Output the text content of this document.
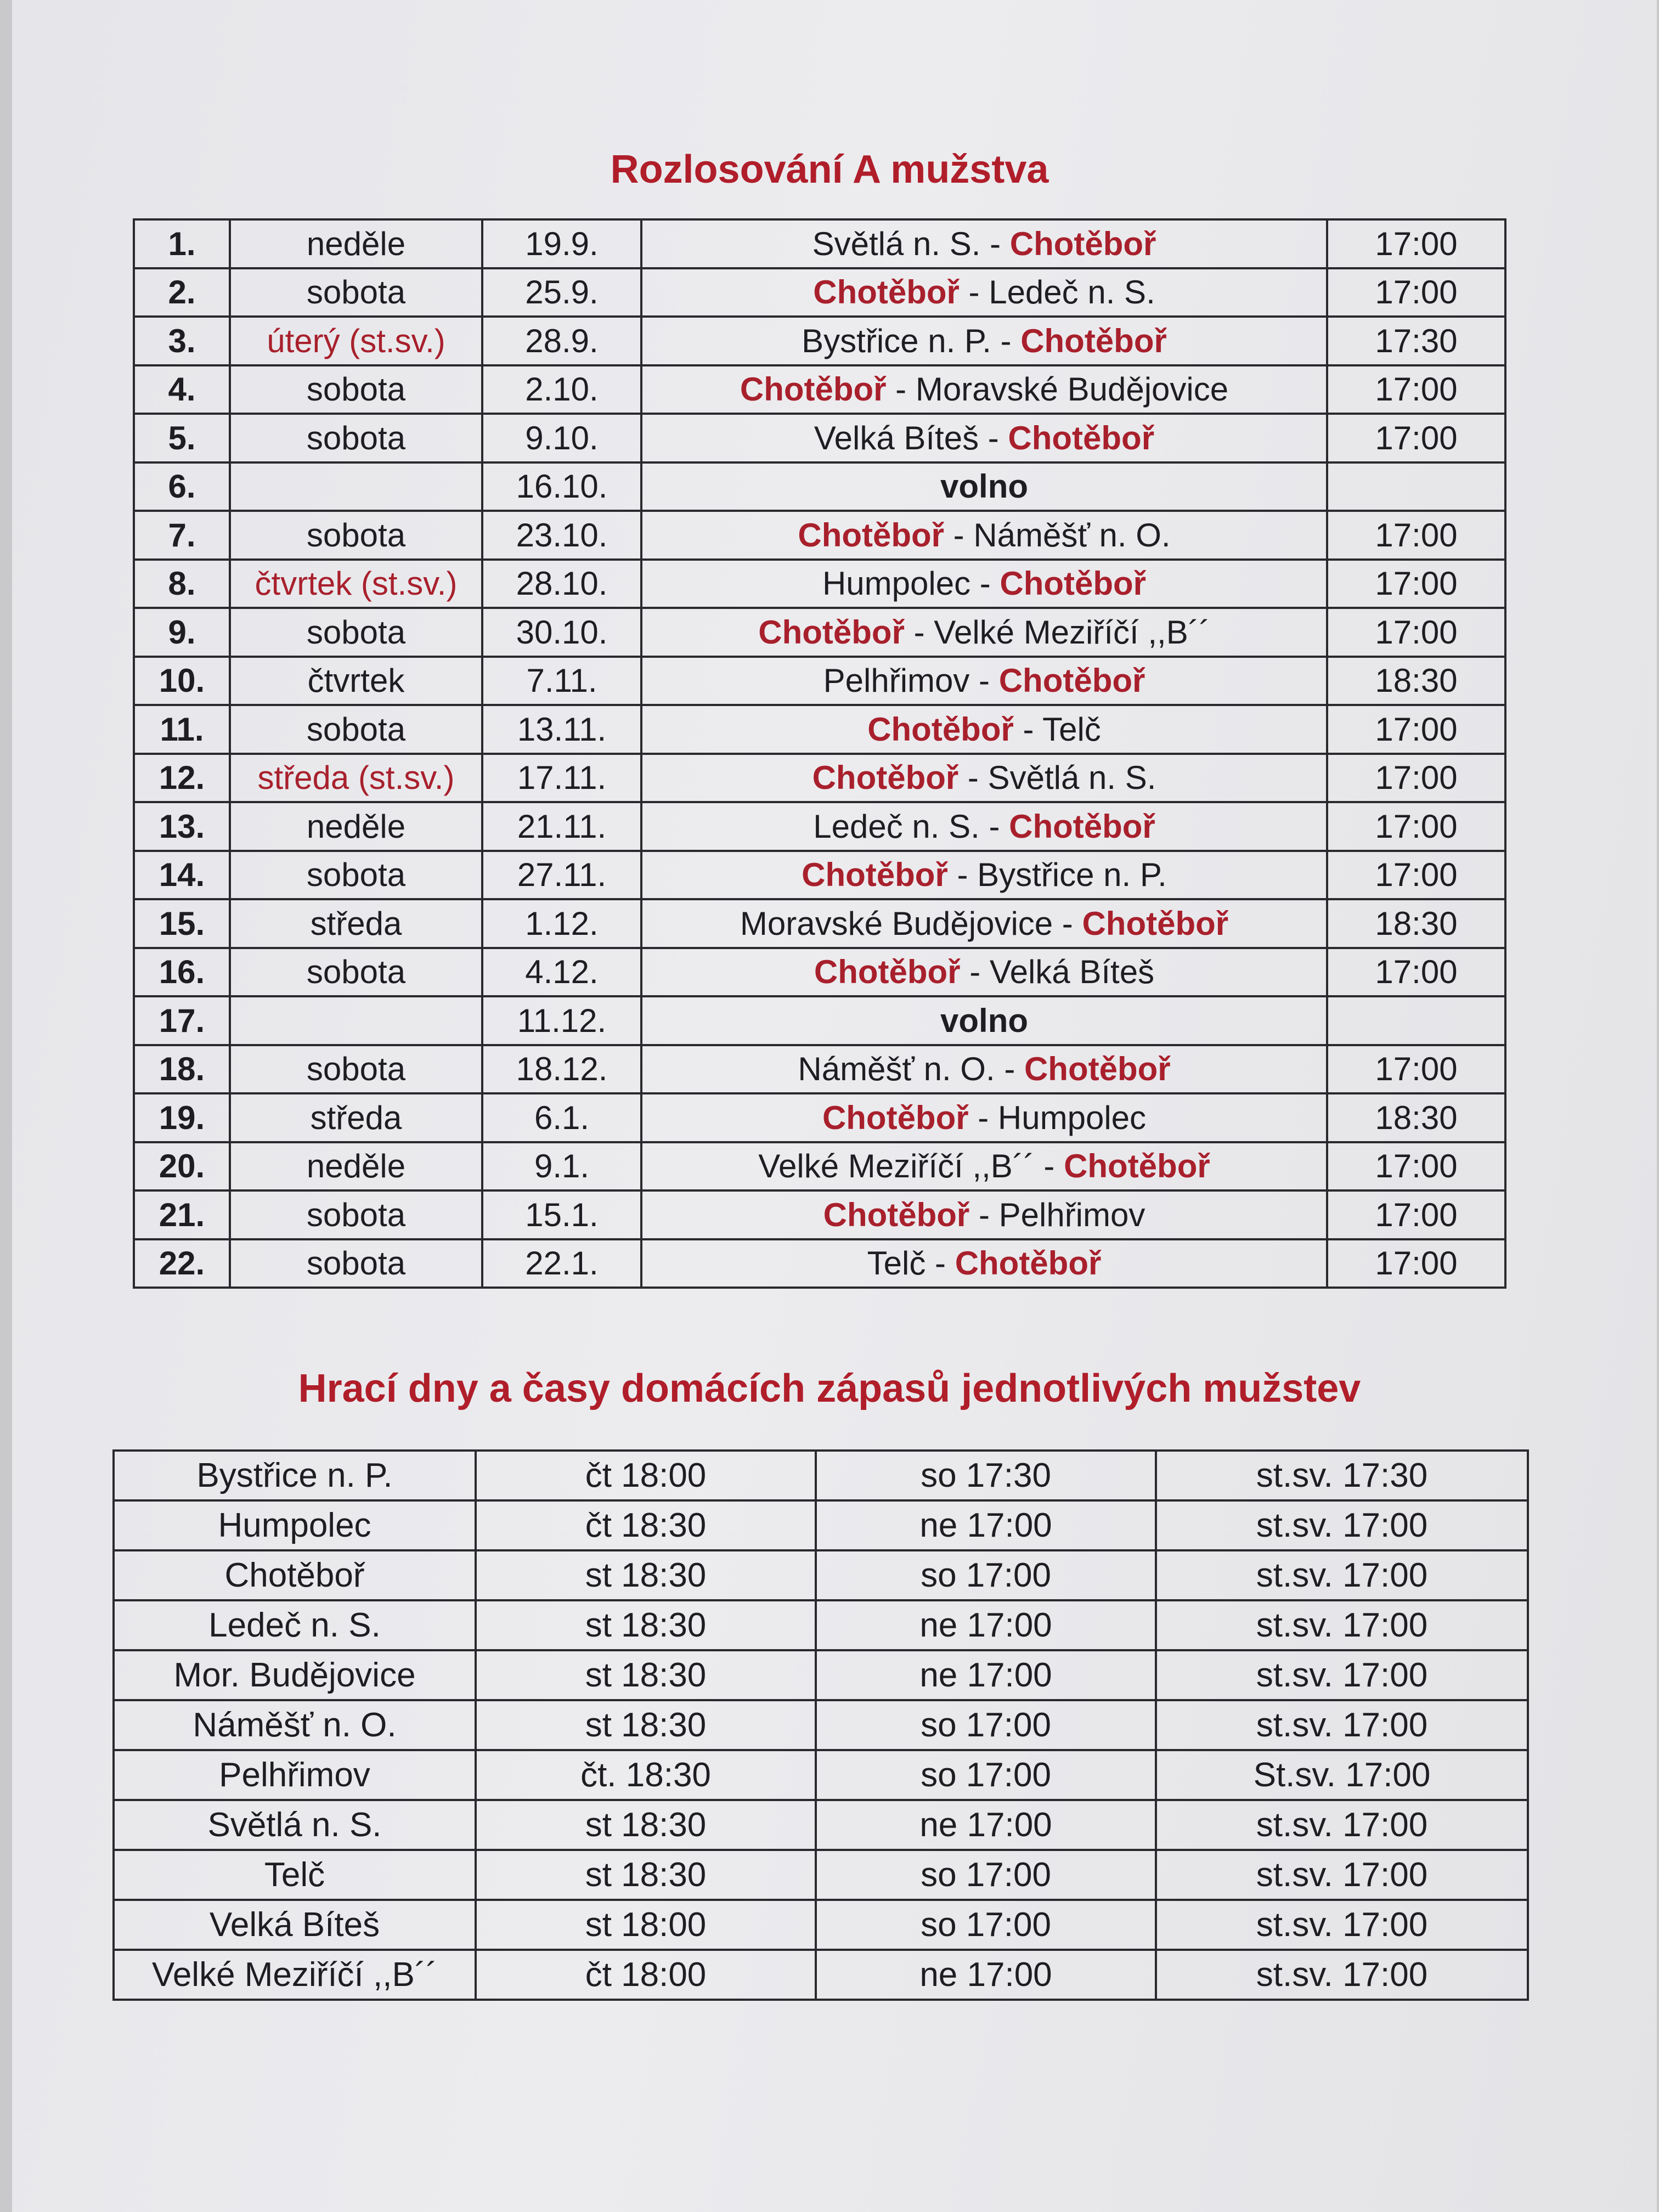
Rozlosování A mužstva
1.	neděle	19.9.	Světlá n. S. - Chotěboř	17:00
2.	sobota	25.9.	Chotěboř - Ledeč n. S.	17:00
3.	úterý (st.sv.)	28.9.	Bystřice n. P. - Chotěboř	17:30
4.	sobota	2.10.	Chotěboř - Moravské Budějovice	17:00
5.	sobota	9.10.	Velká Bíteš - Chotěboř	17:00
6.		16.10.	volno	
7.	sobota	23.10.	Chotěboř - Náměšť n. O.	17:00
8.	čtvrtek (st.sv.)	28.10.	Humpolec - Chotěboř	17:00
9.	sobota	30.10.	Chotěboř - Velké Meziříčí ,,B´´	17:00
10.	čtvrtek	7.11.	Pelhřimov - Chotěboř	18:30
11.	sobota	13.11.	Chotěboř - Telč	17:00
12.	středa (st.sv.)	17.11.	Chotěboř - Světlá n. S.	17:00
13.	neděle	21.11.	Ledeč n. S. - Chotěboř	17:00
14.	sobota	27.11.	Chotěboř - Bystřice n. P.	17:00
15.	středa	1.12.	Moravské Budějovice - Chotěboř	18:30
16.	sobota	4.12.	Chotěboř - Velká Bíteš	17:00
17.		11.12.	volno	
18.	sobota	18.12.	Náměšť n. O. - Chotěboř	17:00
19.	středa	6.1.	Chotěboř - Humpolec	18:30
20.	neděle	9.1.	Velké Meziříčí ,,B´´ - Chotěboř	17:00
21.	sobota	15.1.	Chotěboř - Pelhřimov	17:00
22.	sobota	22.1.	Telč - Chotěboř	17:00
Hrací dny a časy domácích zápasů jednotlivých mužstev
Bystřice n. P.	čt 18:00	so 17:30	st.sv. 17:30
Humpolec	čt 18:30	ne 17:00	st.sv. 17:00
Chotěboř	st 18:30	so 17:00	st.sv. 17:00
Ledeč n. S.	st 18:30	ne 17:00	st.sv. 17:00
Mor. Budějovice	st 18:30	ne 17:00	st.sv. 17:00
Náměšť n. O.	st 18:30	so 17:00	st.sv. 17:00
Pelhřimov	čt. 18:30	so 17:00	St.sv. 17:00
Světlá n. S.	st 18:30	ne 17:00	st.sv. 17:00
Telč	st 18:30	so 17:00	st.sv. 17:00
Velká Bíteš	st 18:00	so 17:00	st.sv. 17:00
Velké Meziříčí ,,B´´	čt 18:00	ne 17:00	st.sv. 17:00
